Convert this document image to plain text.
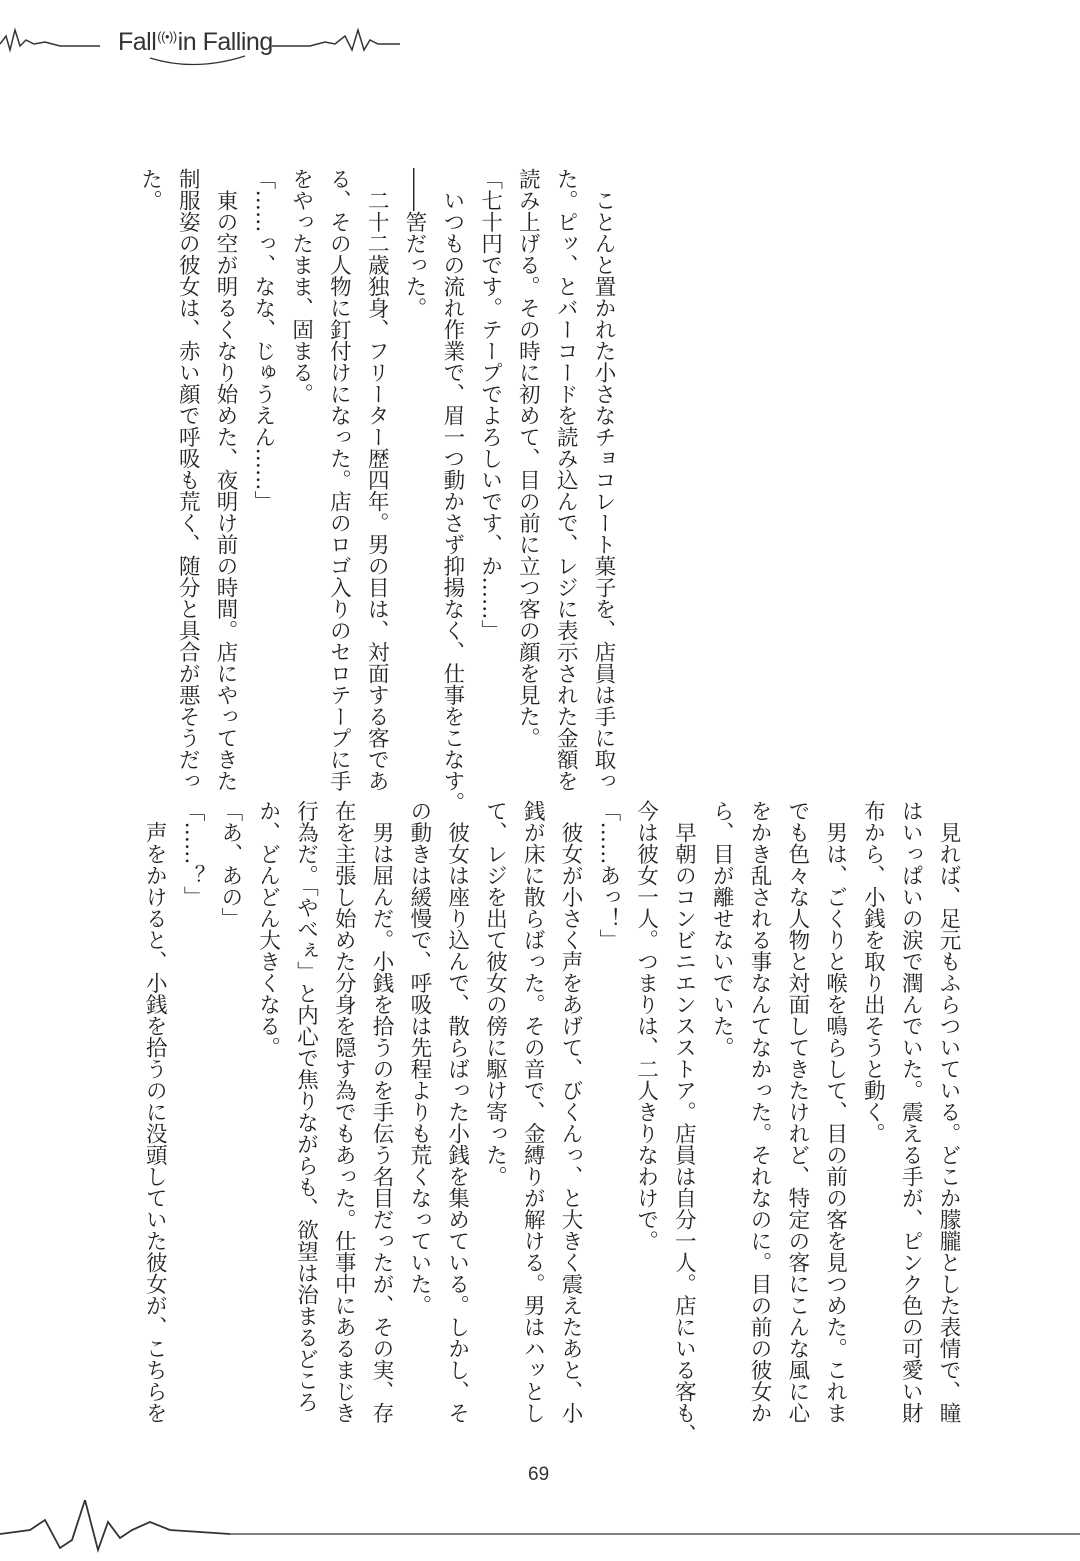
Fall((•))in Falling
　ことんと置かれた小さなチョコレート菓子を、店員は手に取っ
た。ピッ、とバーコードを読み込んで、レジに表示された金額を
読み上げる。その時に初めて、目の前に立つ客の顔を見た。
「七十円です。テープでよろしいです、か……」
　いつもの流れ作業で、眉一つ動かさず抑揚なく、仕事をこなす。
――筈だった。
　二十二歳独身、フリーター歴四年。男の目は、対面する客であ
る、その人物に釘付けになった。店のロゴ入りのセロテープに手
をやったまま、固まる。
「……っ、なな、じゅうえん……」
　東の空が明るくなり始めた、夜明け前の時間。店にやってきた
制服姿の彼女は、赤い顔で呼吸も荒く、随分と具合が悪そうだっ
た。
　見れば、足元もふらついている。どこか朦朧とした表情で、瞳
はいっぱいの涙で潤んでいた。震える手が、ピンク色の可愛い財
布から、小銭を取り出そうと動く。
　男は、ごくりと喉を鳴らして、目の前の客を見つめた。これま
でも色々な人物と対面してきたけれど、特定の客にこんな風に心
をかき乱される事なんてなかった。それなのに。目の前の彼女か
ら、目が離せないでいた。
　早朝のコンビニエンスストア。店員は自分一人。店にいる客も、
今は彼女一人。つまりは、二人きりなわけで。
「……あっ！」
　彼女が小さく声をあげて、びくんっ、と大きく震えたあと、小
銭が床に散らばった。その音で、金縛りが解ける。男はハッとし
て、レジを出て彼女の傍に駆け寄った。
　彼女は座り込んで、散らばった小銭を集めている。しかし、そ
の動きは緩慢で、呼吸は先程よりも荒くなっていた。
　男は屈んだ。小銭を拾うのを手伝う名目だったが、その実、存
在を主張し始めた分身を隠す為でもあった。仕事中にあるまじき
行為だ。「やべぇ」と内心で焦りながらも、欲望は治まるどころ
か、どんどん大きくなる。
「あ、あの」
「……？」
　声をかけると、小銭を拾うのに没頭していた彼女が、こちらを
69
